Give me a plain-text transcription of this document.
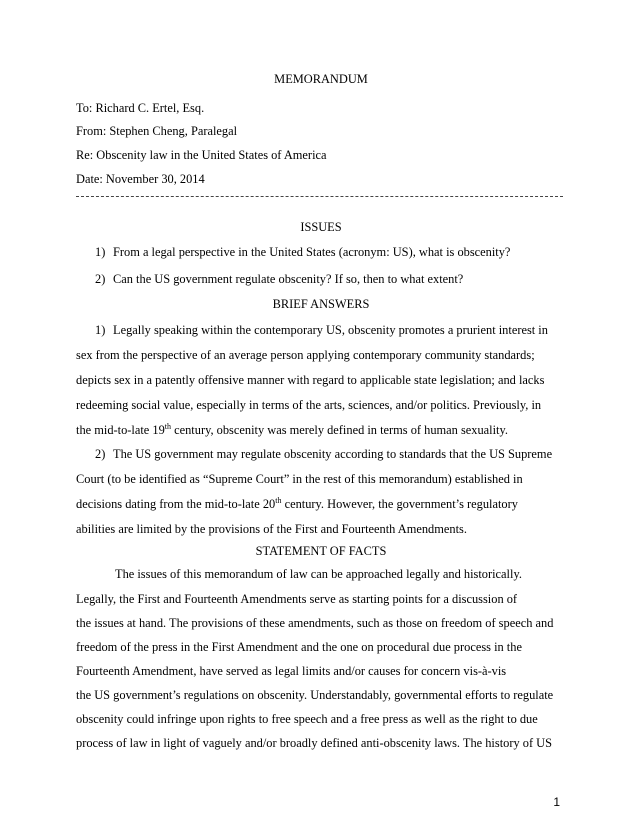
MEMORANDUM
To: Richard C. Ertel, Esq.
From: Stephen Cheng, Paralegal
Re: Obscenity law in the United States of America
Date: November 30, 2014
ISSUES
1) From a legal perspective in the United States (acronym: US), what is obscenity?
2) Can the US government regulate obscenity? If so, then to what extent?
BRIEF ANSWERS
1) Legally speaking within the contemporary US, obscenity promotes a prurient interest in
sex from the perspective of an average person applying contemporary community standards;
depicts sex in a patently offensive manner with regard to applicable state legislation; and lacks
redeeming social value, especially in terms of the arts, sciences, and/or politics. Previously, in
the mid-to-late 19th century, obscenity was merely defined in terms of human sexuality.
2) The US government may regulate obscenity according to standards that the US Supreme
Court (to be identified as “Supreme Court” in the rest of this memorandum) established in
decisions dating from the mid-to-late 20th century. However, the government’s regulatory
abilities are limited by the provisions of the First and Fourteenth Amendments.
STATEMENT OF FACTS
The issues of this memorandum of law can be approached legally and historically.
Legally, the First and Fourteenth Amendments serve as starting points for a discussion of
the issues at hand. The provisions of these amendments, such as those on freedom of speech and
freedom of the press in the First Amendment and the one on procedural due process in the
Fourteenth Amendment, have served as legal limits and/or causes for concern vis-à-vis
the US government’s regulations on obscenity. Understandably, governmental efforts to regulate
obscenity could infringe upon rights to free speech and a free press as well as the right to due
process of law in light of vaguely and/or broadly defined anti-obscenity laws. The history of US
1
